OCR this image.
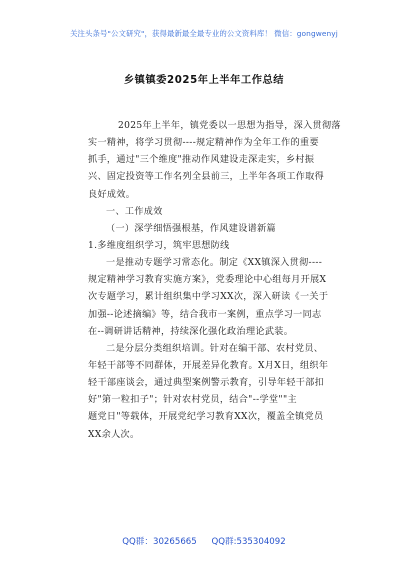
关注头条号"公文研究"，获得最新最全最专业的公文资料库！ 微信：gongwenyj
乡镇镇委2025年上半年工作总结
2025年上半年，镇党委以一思想为指导，深入贯彻落
实一精神，将学习贯彻----规定精神作为全年工作的重要
抓手，通过"三个维度"推动作风建设走深走实，乡村振
兴、固定投资等工作名列全县前三，上半年各项工作取得
良好成效。
一、工作成效
（一）深学细悟强根基，作风建设谱新篇
1.多维度组织学习，筑牢思想防线
一是推动专题学习常态化。制定《XX镇深入贯彻----
规定精神学习教育实施方案》，党委理论中心组每月开展X
次专题学习，累计组织集中学习XX次，深入研读《一关于
加强--论述摘编》等，结合我市一案例，重点学习一同志
在--调研讲话精神，持续深化强化政治理论武装。
二是分层分类组织培训。针对在编干部、农村党员、
年轻干部等不同群体，开展差异化教育。X月X日，组织年
轻干部座谈会，通过典型案例警示教育，引导年轻干部扣
好"第一粒扣子"；针对农村党员，结合"--学堂""主
题党日"等载体，开展党纪学习教育XX次，覆盖全镇党员
XX余人次。
QQ群：30265665 QQ群:535304092
